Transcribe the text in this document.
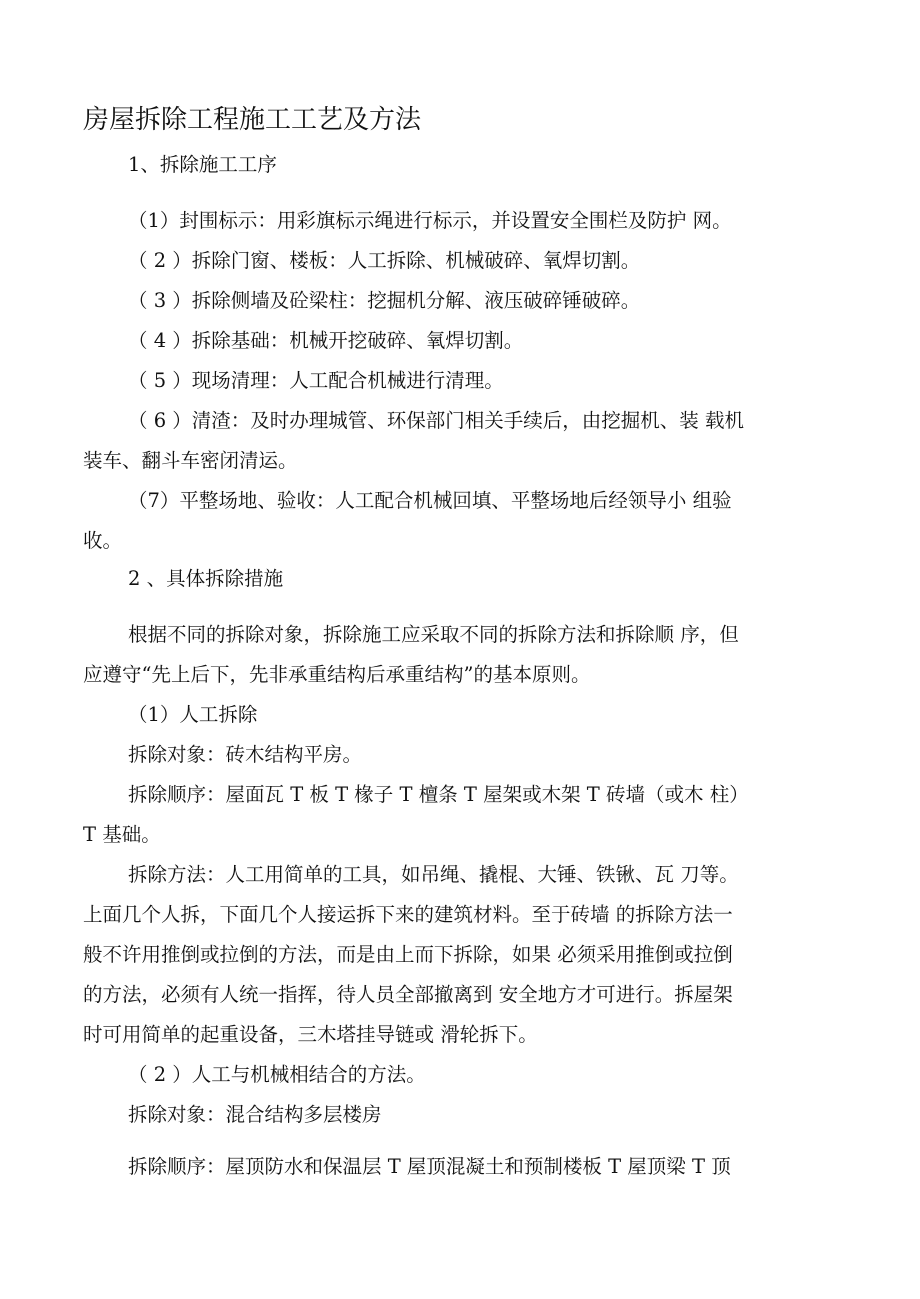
房屋拆除工程施工工艺及方法

1、拆除施工工序

（1）封围标示：用彩旗标示绳进行标示，并设置安全围栏及防护 网。

（ 2 ）拆除门窗、楼板：人工拆除、机械破碎、氧焊切割。

（ 3 ）拆除侧墙及砼梁柱：挖掘机分解、液压破碎锤破碎。

（ 4 ）拆除基础：机械开挖破碎、氧焊切割。

（ 5 ）现场清理：人工配合机械进行清理。

（ 6 ）清渣：及时办理城管、环保部门相关手续后，由挖掘机、装 载机

装车、翻斗车密闭清运。

（7）平整场地、验收：人工配合机械回填、平整场地后经领导小 组验

收。

2 、具体拆除措施

根据不同的拆除对象，拆除施工应采取不同的拆除方法和拆除顺 序，但

应遵守“先上后下，先非承重结构后承重结构”的基本原则。

（1）人工拆除

拆除对象：砖木结构平房。

拆除顺序：屋面瓦 T 板 T 椽子 T 檀条 T 屋架或木架 T 砖墙（或木 柱）

T 基础。

拆除方法：人工用简单的工具，如吊绳、撬棍、大锤、铁锹、瓦 刀等。

上面几个人拆，下面几个人接运拆下来的建筑材料。至于砖墙 的拆除方法一

般不许用推倒或拉倒的方法，而是由上而下拆除，如果 必须采用推倒或拉倒

的方法，必须有人统一指挥，待人员全部撤离到 安全地方才可进行。拆屋架

时可用简单的起重设备，三木塔挂导链或 滑轮拆下。

（ 2 ）人工与机械相结合的方法。

拆除对象：混合结构多层楼房

拆除顺序：屋顶防水和保温层 T 屋顶混凝土和预制楼板 T 屋顶梁 T 顶
